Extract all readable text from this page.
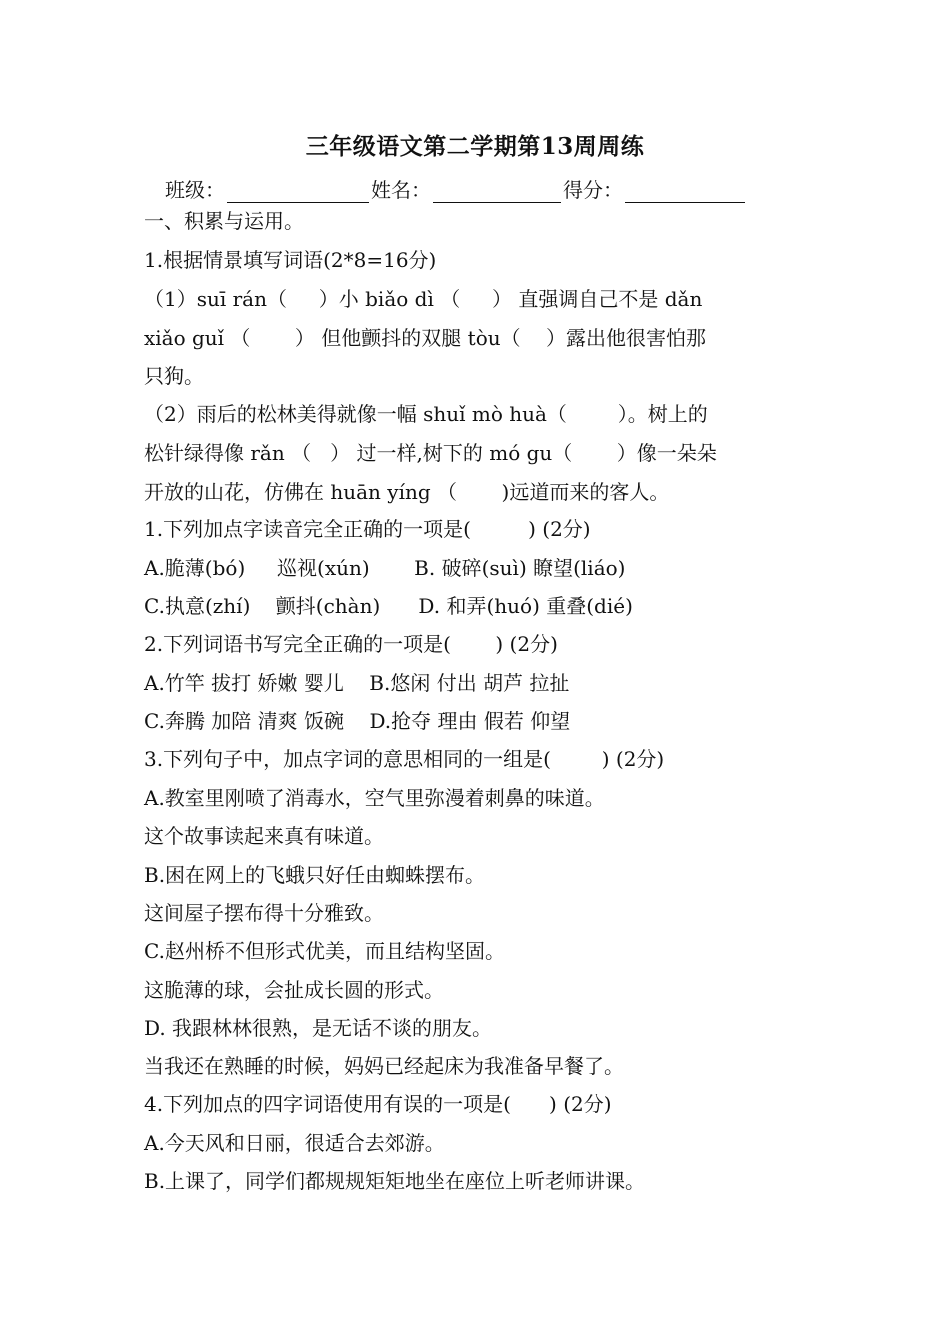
三年级语文第二学期第13周周练
班级：	姓名：	得分：
一、积累与运用。
1.根据情景填写词语(2*8=16分)
（1）suī rán（     ）小 biǎo dì （     ） 直强调自己不是 dǎn
xiǎo guǐ （       ） 但他颤抖的双腿 tòu（    ）露出他很害怕那
只狗。
（2）雨后的松林美得就像一幅 shuǐ mò huà（        ）。树上的
松针绿得像 rǎn （   ） 过一样,树下的 mó gu（       ）像一朵朵
开放的山花，仿佛在 huān yíng （       )远道而来的客人。
1.下列加点字读音完全正确的一项是(         ) (2分)
A.脆薄(bó)     巡视(xún)       B. 破碎(suì) 瞭望(liáo)
C.执意(zhí)    颤抖(chàn)      D. 和弄(huó) 重叠(dié)
2.下列词语书写完全正确的一项是(       ) (2分)
A.竹竿 拔打 娇嫩 婴儿    B.悠闲 付出 胡芦 拉扯
C.奔腾 加陪 清爽 饭碗    D.抢夺 理由 假若 仰望
3.下列句子中，加点字词的意思相同的一组是(        ) (2分)
A.教室里刚喷了消毒水，空气里弥漫着刺鼻的味道。
这个故事读起来真有味道。
B.困在网上的飞蛾只好任由蜘蛛摆布。
这间屋子摆布得十分雅致。
C.赵州桥不但形式优美，而且结构坚固。
这脆薄的球，会扯成长圆的形式。
D. 我跟林林很熟，是无话不谈的朋友。
当我还在熟睡的时候，妈妈已经起床为我准备早餐了。
4.下列加点的四字词语使用有误的一项是(      ) (2分)
A.今天风和日丽，很适合去郊游。
B.上课了，同学们都规规矩矩地坐在座位上听老师讲课。
